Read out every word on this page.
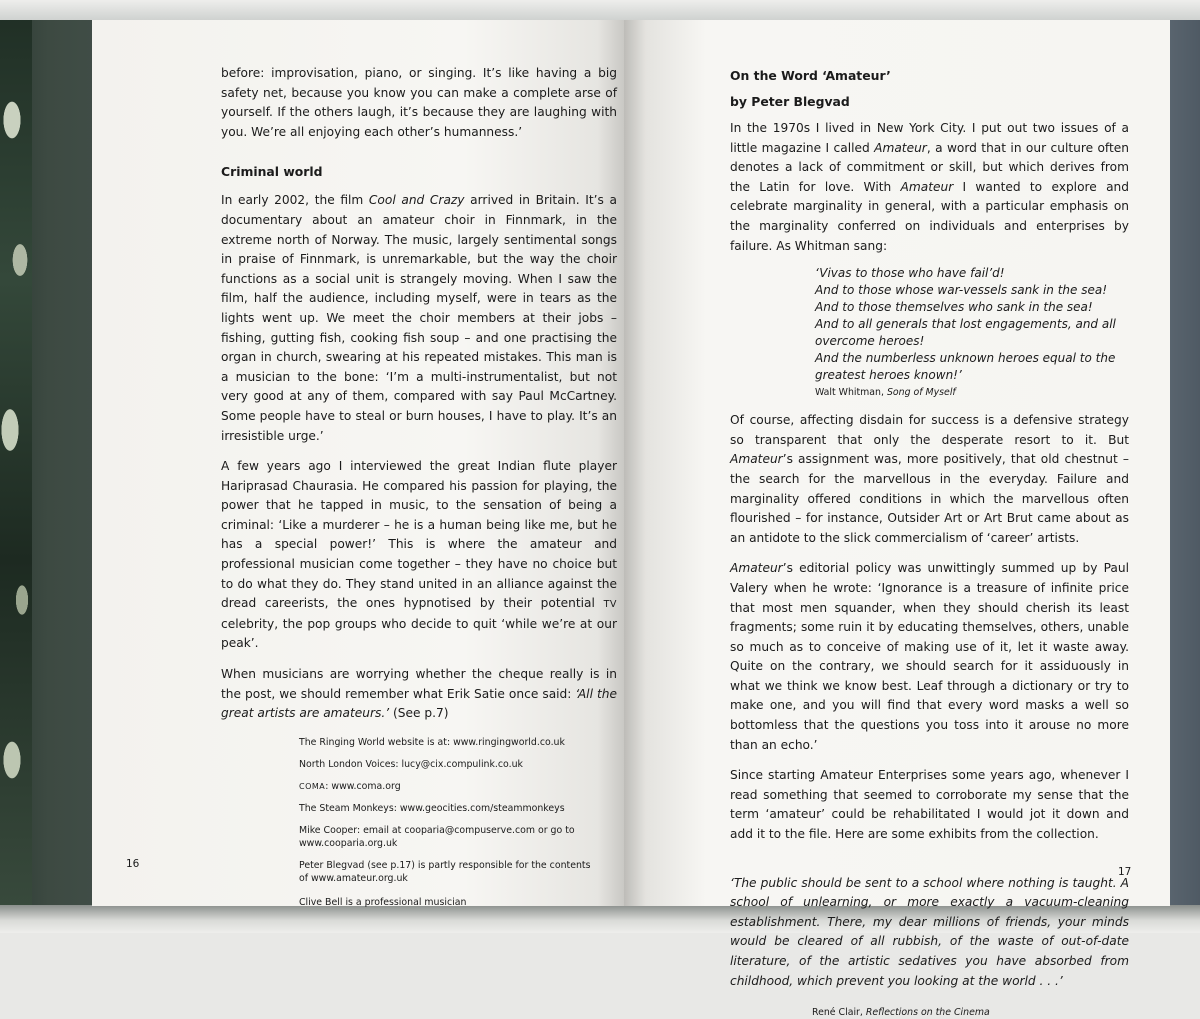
before: improvisation, piano, or singing. It’s like having a big safety net, because you know you can make a complete arse of yourself. If the others laugh, it’s because they are laughing with you. We’re all enjoying each other’s humanness.’

Criminal world

In early 2002, the film Cool and Crazy arrived in Britain. It’s a documentary about an amateur choir in Finnmark, in the extreme north of Norway. The music, largely sentimental songs in praise of Finnmark, is unremarkable, but the way the choir functions as a social unit is strangely moving. When I saw the film, half the audience, including myself, were in tears as the lights went up. We meet the choir members at their jobs – fishing, gutting fish, cooking fish soup – and one practising the organ in church, swearing at his repeated mistakes. This man is a musician to the bone: ‘I’m a multi-instrumentalist, but not very good at any of them, compared with say Paul McCartney. Some people have to steal or burn houses, I have to play. It’s an irresistible urge.’

A few years ago I interviewed the great Indian flute player Hariprasad Chaurasia. He compared his passion for playing, the power that he tapped in music, to the sensation of being a criminal: ‘Like a murderer – he is a human being like me, but he has a special power!’ This is where the amateur and professional musician come together – they have no choice but to do what they do. They stand united in an alliance against the dread careerists, the ones hypnotised by their potential TV celebrity, the pop groups who decide to quit ‘while we’re at our peak’.

When musicians are worrying whether the cheque really is in the post, we should remember what Erik Satie once said: ‘All the great artists are amateurs.’ (See p.7)

The Ringing World website is at: www.ringingworld.co.uk

North London Voices: lucy@cix.compulink.co.uk

COMA: www.coma.org

The Steam Monkeys: www.geocities.com/steammonkeys

Mike Cooper: email at cooparia@compuserve.com or go to www.cooparia.org.uk

Peter Blegvad (see p.17) is partly responsible for the contents of www.amateur.org.uk

Clive Bell is a professional musician

16

On the Word ‘Amateur’

by Peter Blegvad

In the 1970s I lived in New York City. I put out two issues of a little magazine I called Amateur, a word that in our culture often denotes a lack of commitment or skill, but which derives from the Latin for love. With Amateur I wanted to explore and celebrate marginality in general, with a particular emphasis on the marginality conferred on individuals and enterprises by failure. As Whitman sang:

‘Vivas to those who have fail’d!

And to those whose war-vessels sank in the sea!

And to those themselves who sank in the sea!

And to all generals that lost engagements, and all

overcome heroes!

And the numberless unknown heroes equal to the

greatest heroes known!’

Walt Whitman, Song of Myself

Of course, affecting disdain for success is a defensive strategy so transparent that only the desperate resort to it. But Amateur’s assignment was, more positively, that old chestnut – the search for the marvellous in the everyday. Failure and marginality offered conditions in which the marvellous often flourished – for instance, Outsider Art or Art Brut came about as an antidote to the slick commercialism of ‘career’ artists.

Amateur’s editorial policy was unwittingly summed up by Paul Valery when he wrote: ‘Ignorance is a treasure of infinite price that most men squander, when they should cherish its least fragments; some ruin it by educating themselves, others, unable so much as to conceive of making use of it, let it waste away. Quite on the contrary, we should search for it assiduously in what we think we know best. Leaf through a dictionary or try to make one, and you will find that every word masks a well so bottomless that the questions you toss into it arouse no more than an echo.’

Since starting Amateur Enterprises some years ago, whenever I read something that seemed to corroborate my sense that the term ‘amateur’ could be rehabilitated I would jot it down and add it to the file. Here are some exhibits from the collection.

‘The public should be sent to a school where nothing is taught. A school of unlearning, or more exactly a vacuum-cleaning establishment. There, my dear millions of friends, your minds would be cleared of all rubbish, of the waste of out-of-date literature, of the artistic sedatives you have absorbed from childhood, which prevent you looking at the world . . .’

René Clair, Reflections on the Cinema

17
